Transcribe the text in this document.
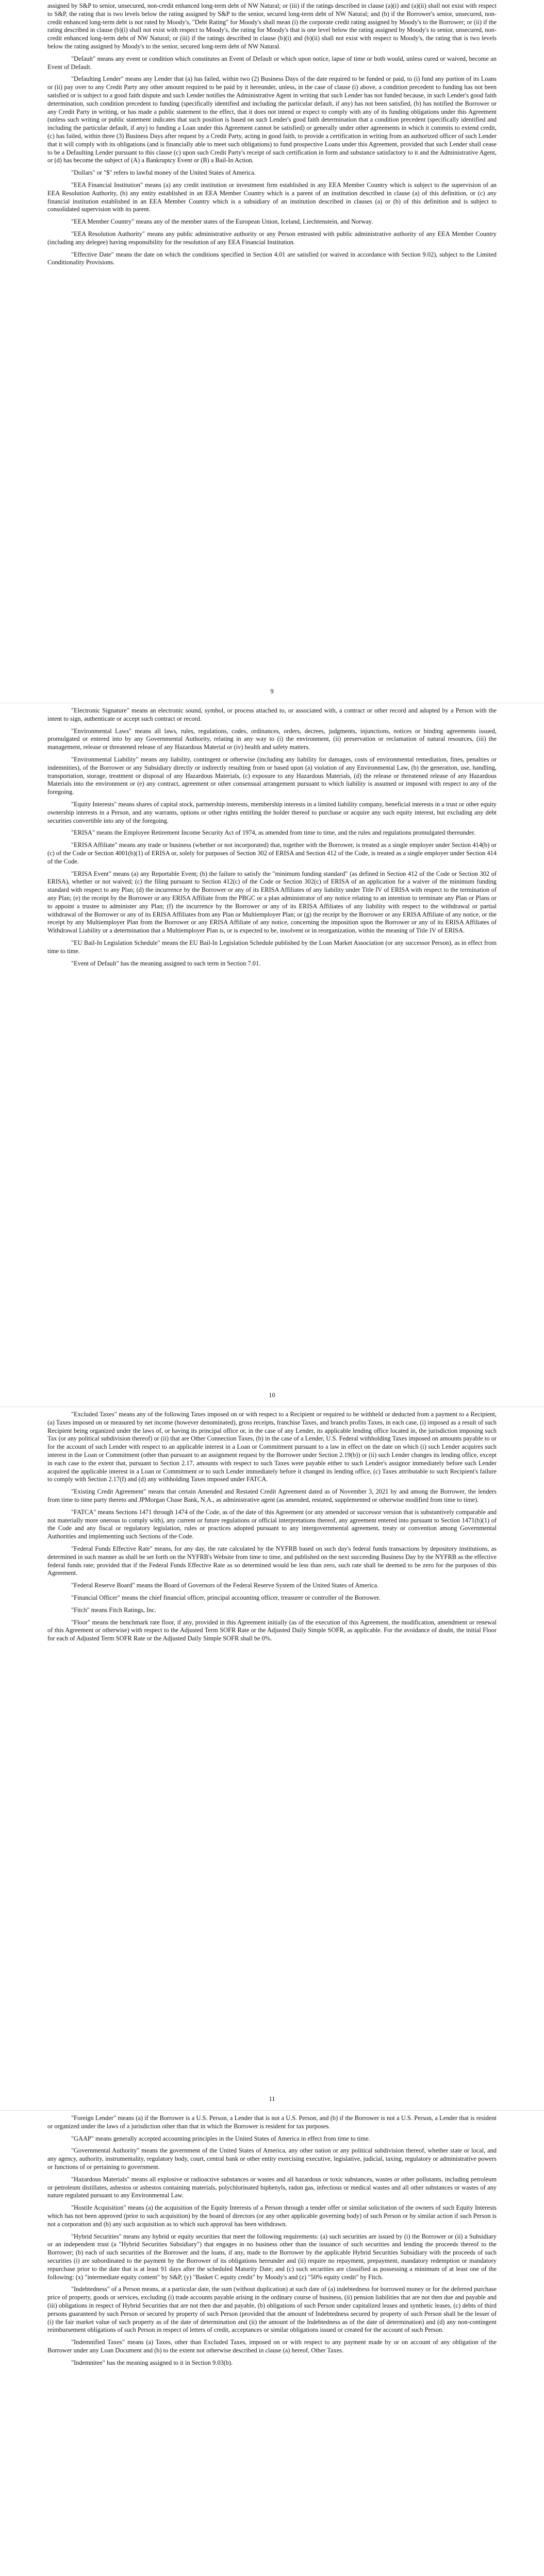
assigned by S&P to senior, unsecured, non-credit enhanced long-term debt of NW Natural; or (iii) if the ratings described in clause (a)(i) and (a)(ii) shall not exist with respect to S&P, the rating that is two levels below the rating assigned by S&P to the senior, secured long-term debt of NW Natural; and (b) if the Borrower's senior, unsecured, non-credit enhanced long-term debt is not rated by Moody's, "Debt Rating" for Moody's shall mean (i) the corporate credit rating assigned by Moody's to the Borrower; or (ii) if the rating described in clause (b)(i) shall not exist with respect to Moody's, the rating for Moody's that is one level below the rating assigned by Moody's to senior, unsecured, non-credit enhanced long-term debt of NW Natural; or (iii) if the ratings described in clause (b)(i) and (b)(ii) shall not exist with respect to Moody's, the rating that is two levels below the rating assigned by Moody's to the senior, secured long-term debt of NW Natural.

"Default" means any event or condition which constitutes an Event of Default or which upon notice, lapse of time or both would, unless cured or waived, become an Event of Default.

"Defaulting Lender" means any Lender that (a) has failed, within two (2) Business Days of the date required to be funded or paid, to (i) fund any portion of its Loans or (ii) pay over to any Credit Party any other amount required to be paid by it hereunder, unless, in the case of clause (i) above, a condition precedent to funding has not been satisfied or is subject to a good faith dispute and such Lender notifies the Administrative Agent in writing that such Lender has not funded because, in such Lender's good faith determination, such condition precedent to funding (specifically identified and including the particular default, if any) has not been satisfied, (b) has notified the Borrower or any Credit Party in writing, or has made a public statement to the effect, that it does not intend or expect to comply with any of its funding obligations under this Agreement (unless such writing or public statement indicates that such position is based on such Lender's good faith determination that a condition precedent (specifically identified and including the particular default, if any) to funding a Loan under this Agreement cannot be satisfied) or generally under other agreements in which it commits to extend credit, (c) has failed, within three (3) Business Days after request by a Credit Party, acting in good faith, to provide a certification in writing from an authorized officer of such Lender that it will comply with its obligations (and is financially able to meet such obligations) to fund prospective Loans under this Agreement, provided that such Lender shall cease to be a Defaulting Lender pursuant to this clause (c) upon such Credit Party's receipt of such certification in form and substance satisfactory to it and the Administrative Agent, or (d) has become the subject of (A) a Bankruptcy Event or (B) a Bail-In Action.

"Dollars" or "$" refers to lawful money of the United States of America.

"EEA Financial Institution" means (a) any credit institution or investment firm established in any EEA Member Country which is subject to the supervision of an EEA Resolution Authority, (b) any entity established in an EEA Member Country which is a parent of an institution described in clause (a) of this definition, or (c) any financial institution established in an EEA Member Country which is a subsidiary of an institution described in clauses (a) or (b) of this definition and is subject to consolidated supervision with its parent.

"EEA Member Country" means any of the member states of the European Union, Iceland, Liechtenstein, and Norway.

"EEA Resolution Authority" means any public administrative authority or any Person entrusted with public administrative authority of any EEA Member Country (including any delegee) having responsibility for the resolution of any EEA Financial Institution.

"Effective Date" means the date on which the conditions specified in Section 4.01 are satisfied (or waived in accordance with Section 9.02), subject to the Limited Conditionality Provisions.

9

"Electronic Signature" means an electronic sound, symbol, or process attached to, or associated with, a contract or other record and adopted by a Person with the intent to sign, authenticate or accept such contract or record.

"Environmental Laws" means all laws, rules, regulations, codes, ordinances, orders, decrees, judgments, injunctions, notices or binding agreements issued, promulgated or entered into by any Governmental Authority, relating in any way to (i) the environment, (ii) preservation or reclamation of natural resources, (iii) the management, release or threatened release of any Hazardous Material or (iv) health and safety matters.

"Environmental Liability" means any liability, contingent or otherwise (including any liability for damages, costs of environmental remediation, fines, penalties or indemnities), of the Borrower or any Subsidiary directly or indirectly resulting from or based upon (a) violation of any Environmental Law, (b) the generation, use, handling, transportation, storage, treatment or disposal of any Hazardous Materials, (c) exposure to any Hazardous Materials, (d) the release or threatened release of any Hazardous Materials into the environment or (e) any contract, agreement or other consensual arrangement pursuant to which liability is assumed or imposed with respect to any of the foregoing.

"Equity Interests" means shares of capital stock, partnership interests, membership interests in a limited liability company, beneficial interests in a trust or other equity ownership interests in a Person, and any warrants, options or other rights entitling the holder thereof to purchase or acquire any such equity interest, but excluding any debt securities convertible into any of the foregoing.

"ERISA" means the Employee Retirement Income Security Act of 1974, as amended from time to time, and the rules and regulations promulgated thereunder.

"ERISA Affiliate" means any trade or business (whether or not incorporated) that, together with the Borrower, is treated as a single employer under Section 414(b) or (c) of the Code or Section 4001(b)(1) of ERISA or, solely for purposes of Section 302 of ERISA and Section 412 of the Code, is treated as a single employer under Section 414 of the Code.

"ERISA Event" means (a) any Reportable Event; (b) the failure to satisfy the "minimum funding standard" (as defined in Section 412 of the Code or Section 302 of ERISA), whether or not waived; (c) the filing pursuant to Section 412(c) of the Code or Section 302(c) of ERISA of an application for a waiver of the minimum funding standard with respect to any Plan; (d) the incurrence by the Borrower or any of its ERISA Affiliates of any liability under Title IV of ERISA with respect to the termination of any Plan; (e) the receipt by the Borrower or any ERISA Affiliate from the PBGC or a plan administrator of any notice relating to an intention to terminate any Plan or Plans or to appoint a trustee to administer any Plan; (f) the incurrence by the Borrower or any of its ERISA Affiliates of any liability with respect to the withdrawal or partial withdrawal of the Borrower or any of its ERISA Affiliates from any Plan or Multiemployer Plan; or (g) the receipt by the Borrower or any ERISA Affiliate of any notice, or the receipt by any Multiemployer Plan from the Borrower or any ERISA Affiliate of any notice, concerning the imposition upon the Borrower or any of its ERISA Affiliates of Withdrawal Liability or a determination that a Multiemployer Plan is, or is expected to be, insolvent or in reorganization, within the meaning of Title IV of ERISA.

"EU Bail-In Legislation Schedule" means the EU Bail-In Legislation Schedule published by the Loan Market Association (or any successor Person), as in effect from time to time.

"Event of Default" has the meaning assigned to such term in Section 7.01.

10

"Excluded Taxes" means any of the following Taxes imposed on or with respect to a Recipient or required to be withheld or deducted from a payment to a Recipient, (a) Taxes imposed on or measured by net income (however denominated), gross receipts, franchise Taxes, and branch profits Taxes, in each case, (i) imposed as a result of such Recipient being organized under the laws of, or having its principal office or, in the case of any Lender, its applicable lending office located in, the jurisdiction imposing such Tax (or any political subdivision thereof) or (ii) that are Other Connection Taxes, (b) in the case of a Lender, U.S. Federal withholding Taxes imposed on amounts payable to or for the account of such Lender with respect to an applicable interest in a Loan or Commitment pursuant to a law in effect on the date on which (i) such Lender acquires such interest in the Loan or Commitment (other than pursuant to an assignment request by the Borrower under Section 2.19(b)) or (ii) such Lender changes its lending office, except in each case to the extent that, pursuant to Section 2.17, amounts with respect to such Taxes were payable either to such Lender's assignor immediately before such Lender acquired the applicable interest in a Loan or Commitment or to such Lender immediately before it changed its lending office, (c) Taxes attributable to such Recipient's failure to comply with Section 2.17(f) and (d) any withholding Taxes imposed under FATCA.

"Existing Credit Agreement" means that certain Amended and Restated Credit Agreement dated as of November 3, 2021 by and among the Borrower, the lenders from time to time party thereto and JPMorgan Chase Bank, N.A., as administrative agent (as amended, restated, supplemented or otherwise modified from time to time).

"FATCA" means Sections 1471 through 1474 of the Code, as of the date of this Agreement (or any amended or successor version that is substantively comparable and not materially more onerous to comply with), any current or future regulations or official interpretations thereof, any agreement entered into pursuant to Section 1471(b)(1) of the Code and any fiscal or regulatory legislation, rules or practices adopted pursuant to any intergovernmental agreement, treaty or convention among Governmental Authorities and implementing such Sections of the Code.

"Federal Funds Effective Rate" means, for any day, the rate calculated by the NYFRB based on such day's federal funds transactions by depository institutions, as determined in such manner as shall be set forth on the NYFRB's Website from time to time, and published on the next succeeding Business Day by the NYFRB as the effective federal funds rate; provided that if the Federal Funds Effective Rate as so determined would be less than zero, such rate shall be deemed to be zero for the purposes of this Agreement.

"Federal Reserve Board" means the Board of Governors of the Federal Reserve System of the United States of America.

"Financial Officer" means the chief financial officer, principal accounting officer, treasurer or controller of the Borrower.

"Fitch" means Fitch Ratings, Inc.

"Floor" means the benchmark rate floor, if any, provided in this Agreement initially (as of the execution of this Agreement, the modification, amendment or renewal of this Agreement or otherwise) with respect to the Adjusted Term SOFR Rate or the Adjusted Daily Simple SOFR, as applicable. For the avoidance of doubt, the initial Floor for each of Adjusted Term SOFR Rate or the Adjusted Daily Simple SOFR shall be 0%.

11

"Foreign Lender" means (a) if the Borrower is a U.S. Person, a Lender that is not a U.S. Person, and (b) if the Borrower is not a U.S. Person, a Lender that is resident or organized under the laws of a jurisdiction other than that in which the Borrower is resident for tax purposes.

"GAAP" means generally accepted accounting principles in the United States of America in effect from time to time.

"Governmental Authority" means the government of the United States of America, any other nation or any political subdivision thereof, whether state or local, and any agency, authority, instrumentality, regulatory body, court, central bank or other entity exercising executive, legislative, judicial, taxing, regulatory or administrative powers or functions of or pertaining to government.

"Hazardous Materials" means all explosive or radioactive substances or wastes and all hazardous or toxic substances, wastes or other pollutants, including petroleum or petroleum distillates, asbestos or asbestos containing materials, polychlorinated biphenyls, radon gas, infectious or medical wastes and all other substances or wastes of any nature regulated pursuant to any Environmental Law.

"Hostile Acquisition" means (a) the acquisition of the Equity Interests of a Person through a tender offer or similar solicitation of the owners of such Equity Interests which has not been approved (prior to such acquisition) by the board of directors (or any other applicable governing body) of such Person or by similar action if such Person is not a corporation and (b) any such acquisition as to which such approval has been withdrawn.

"Hybrid Securities" means any hybrid or equity securities that meet the following requirements: (a) such securities are issued by (i) the Borrower or (ii) a Subsidiary or an independent trust (a "Hybrid Securities Subsidiary") that engages in no business other than the issuance of such securities and lending the proceeds thereof to the Borrower; (b) each of such securities of the Borrower and the loans, if any, made to the Borrower by the applicable Hybrid Securities Subsidiary with the proceeds of such securities (i) are subordinated to the payment by the Borrower of its obligations hereunder and (ii) require no repayment, prepayment, mandatory redemption or mandatory repurchase prior to the date that is at least 91 days after the scheduled Maturity Date; and (c) such securities are classified as possessing a minimum of at least one of the following: (x) "intermediate equity content" by S&P, (y) "Basket C equity credit" by Moody's and (z) "50% equity credit" by Fitch.

"Indebtedness" of a Person means, at a particular date, the sum (without duplication) at such date of (a) indebtedness for borrowed money or for the deferred purchase price of property, goods or services, excluding (i) trade accounts payable arising in the ordinary course of business, (ii) pension liabilities that are not then due and payable and (iii) obligations in respect of Hybrid Securities that are not then due and payable, (b) obligations of such Person under capitalized leases and synthetic leases, (c) debts of third persons guaranteed by such Person or secured by property of such Person (provided that the amount of Indebtedness secured by property of such Person shall be the lesser of (i) the fair market value of such property as of the date of determination and (ii) the amount of the Indebtedness as of the date of determination) and (d) any non-contingent reimbursement obligations of such Person in respect of letters of credit, acceptances or similar obligations issued or created for the account of such Person.

"Indemnified Taxes" means (a) Taxes, other than Excluded Taxes, imposed on or with respect to any payment made by or on account of any obligation of the Borrower under any Loan Document and (b) to the extent not otherwise described in clause (a) hereof, Other Taxes.

"Indemnitee" has the meaning assigned to it in Section 9.03(b).
